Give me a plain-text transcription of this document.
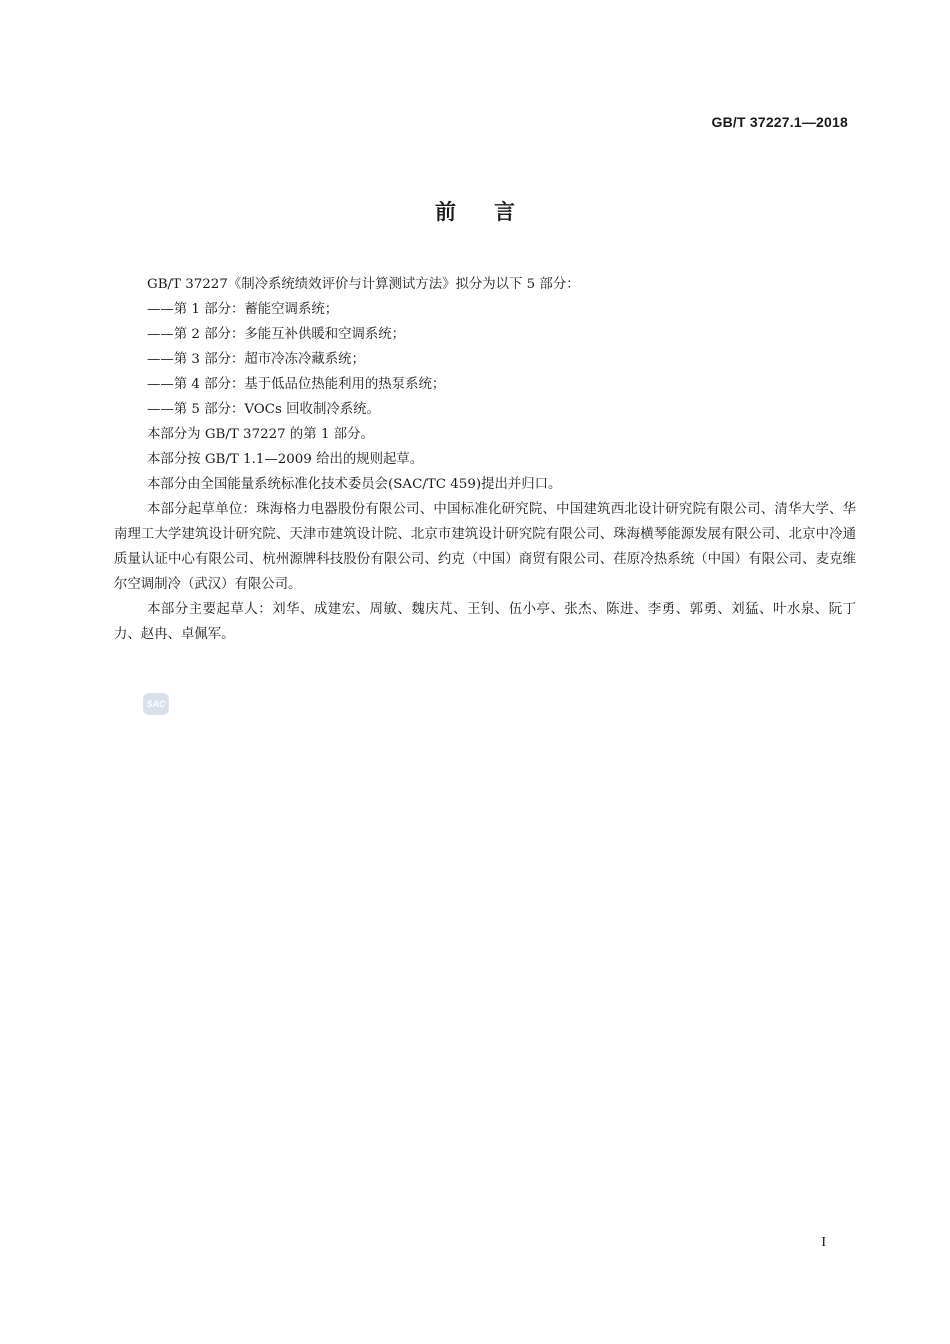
GB/T 37227.1—2018
前言

GB/T 37227《制冷系统绩效评价与计算测试方法》拟分为以下 5 部分：

——第 1 部分：蓄能空调系统；

——第 2 部分：多能互补供暖和空调系统；

——第 3 部分：超市冷冻冷藏系统；

——第 4 部分：基于低品位热能利用的热泵系统；

——第 5 部分：VOCs 回收制冷系统。

本部分为 GB/T 37227 的第 1 部分。

本部分按 GB/T 1.1—2009 给出的规则起草。

本部分由全国能量系统标准化技术委员会(SAC/TC 459)提出并归口。

本部分起草单位：珠海格力电器股份有限公司、中国标准化研究院、中国建筑西北设计研究院有限公司、清华大学、华南理工大学建筑设计研究院、天津市建筑设计院、北京市建筑设计研究院有限公司、珠海横琴能源发展有限公司、北京中冷通质量认证中心有限公司、杭州源牌科技股份有限公司、约克（中国）商贸有限公司、荏原冷热系统（中国）有限公司、麦克维尔空调制冷（武汉）有限公司。

本部分主要起草人：刘华、成建宏、周敏、魏庆芃、王钊、伍小亭、张杰、陈进、李勇、郭勇、刘猛、叶水泉、阮丁力、赵冉、卓佩军。

SAC
I
